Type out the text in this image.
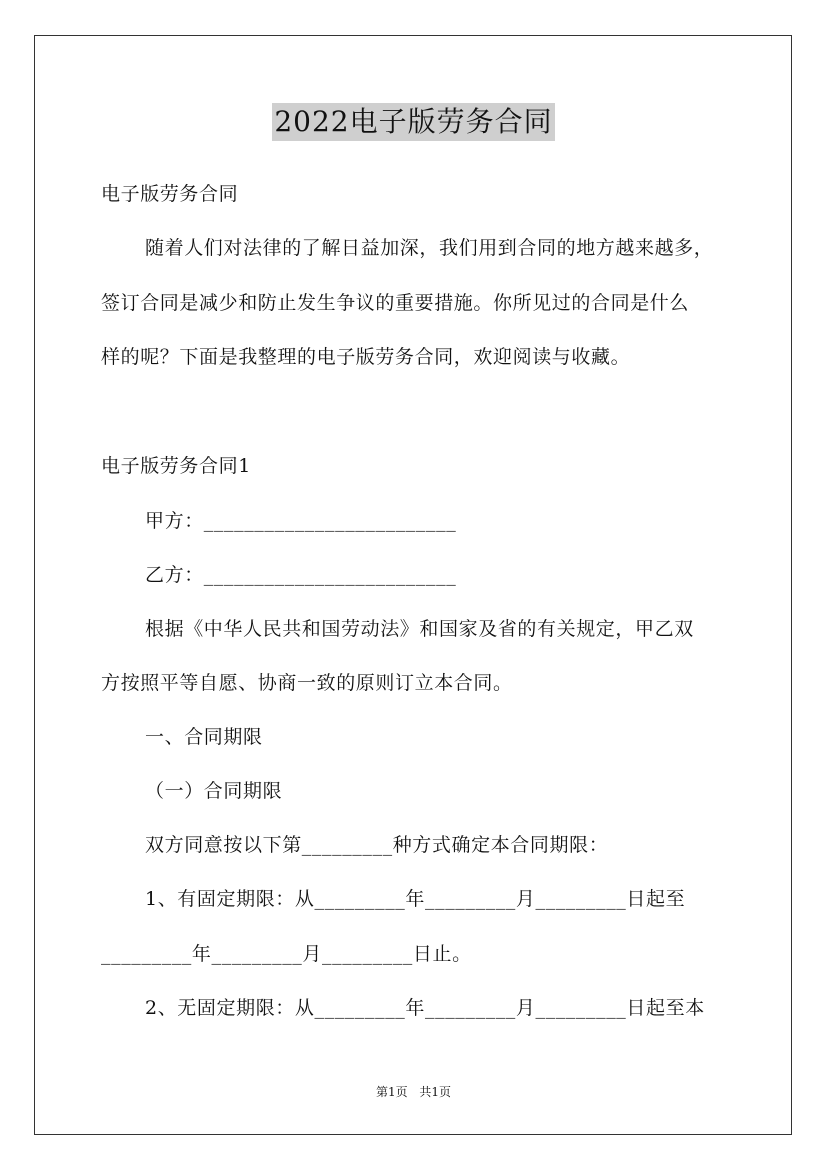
2022电子版劳务合同
电子版劳务合同
随着人们对法律的了解日益加深，我们用到合同的地方越来越多，
签订合同是减少和防止发生争议的重要措施。你所见过的合同是什么
样的呢？下面是我整理的电子版劳务合同，欢迎阅读与收藏。
电子版劳务合同1
甲方：_________________________
乙方：_________________________
根据《中华人民共和国劳动法》和国家及省的有关规定，甲乙双
方按照平等自愿、协商一致的原则订立本合同。
一、合同期限
（一）合同期限
双方同意按以下第_________种方式确定本合同期限：
1、有固定期限：从_________年_________月_________日起至
_________年_________月_________日止。
2、无固定期限：从_________年_________月_________日起至本
第1页 共1页
